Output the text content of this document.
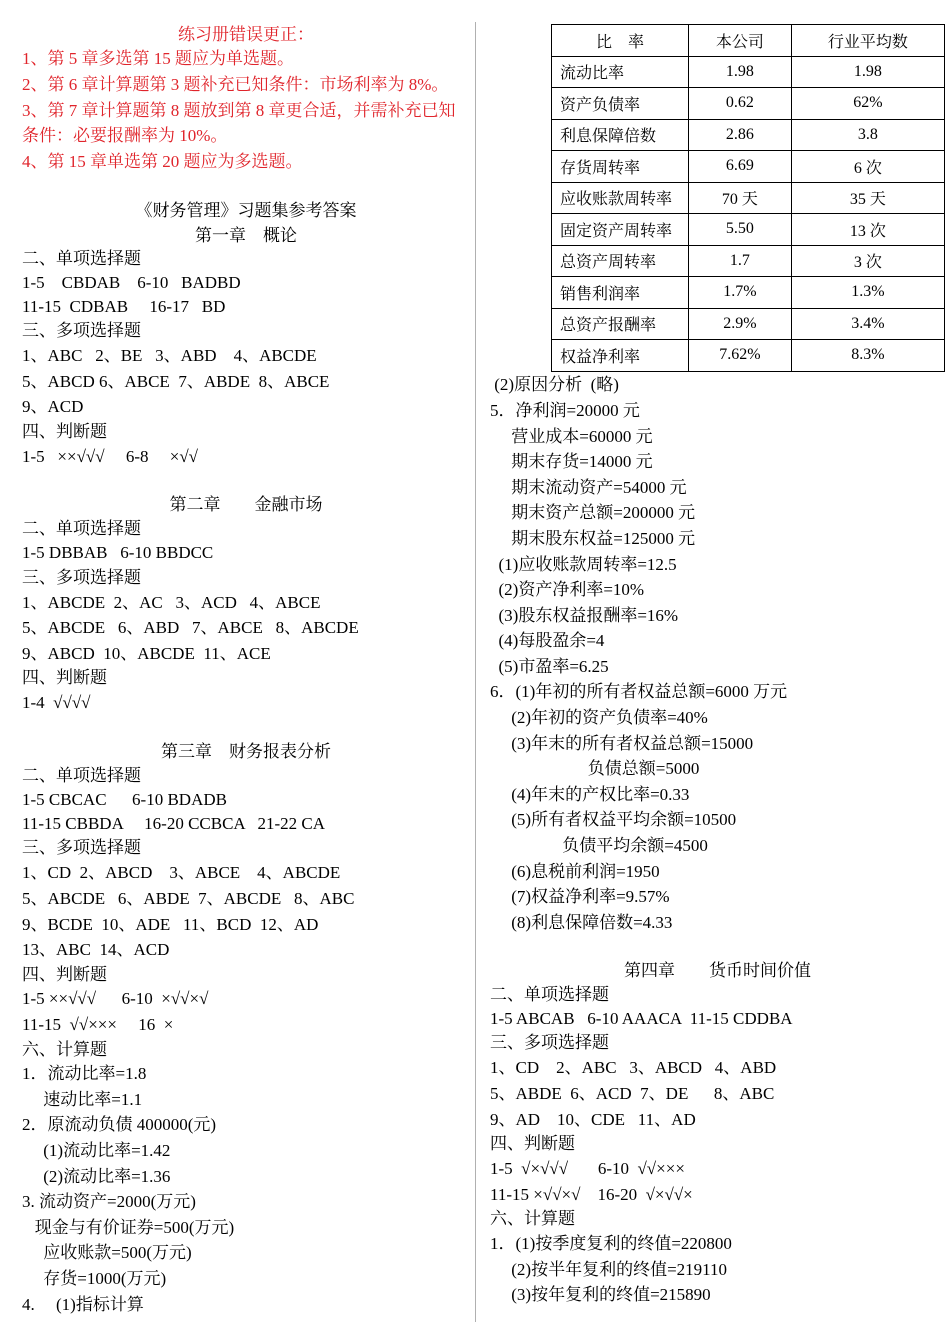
练习册错误更正：
1、第 5 章多选第 15 题应为单选题。
2、第 6 章计算题第 3 题补充已知条件：市场利率为 8%。
3、第 7 章计算题第 8 题放到第 8 章更合适，并需补充已知
条件：必要报酬率为 10%。
4、第 15 章单选第 20 题应为多选题。
《财务管理》习题集参考答案
第一章　概论
二、单项选择题
1-5    CBDAB    6-10   BADBD
11-15  CDBAB     16-17   BD
三、多项选择题
1、ABC   2、BE   3、ABD    4、ABCDE
5、ABCD 6、ABCE  7、ABDE  8、ABCE
9、ACD
四、判断题
1-5   ××√√√     6-8     ×√√
第二章　　金融市场
二、单项选择题
1-5 DBBAB   6-10 BBDCC
三、多项选择题
1、ABCDE  2、AC   3、ACD   4、ABCE
5、ABCDE   6、ABD   7、ABCE   8、ABCDE
9、ABCD  10、ABCDE  11、ACE
四、判断题
1-4  √√√√
第三章　财务报表分析
二、单项选择题
1-5 CBCAC      6-10 BDADB
11-15 CBBDA     16-20 CCBCA   21-22 CA
三、多项选择题
1、CD  2、ABCD    3、ABCE    4、ABCDE
5、ABCDE   6、ABDE  7、ABCDE   8、ABC
9、BCDE  10、ADE   11、BCD  12、AD
13、ABC  14、ACD
四、判断题
1-5 ××√√√      6-10  ×√√×√
11-15  √√×××     16  ×
六、计算题
1．流动比率=1.8
速动比率=1.1
2．原流动负债 400000(元)
(1)流动比率=1.42
(2)流动比率=1.36
3. 流动资产=2000(万元)
现金与有价证券=500(万元)
应收账款=500(万元)
存货=1000(万元)
4.     (1)指标计算
比　率	本公司	行业平均数
流动比率	1.98	1.98
资产负债率	0.62	62%
利息保障倍数	2.86	3.8
存货周转率	6.69	6 次
应收账款周转率	70 天	35 天
固定资产周转率	5.50	13 次
总资产周转率	1.7	3 次
销售利润率	1.7%	1.3%
总资产报酬率	2.9%	3.4%
权益净利率	7.62%	8.3%
(2)原因分析  (略)
5．净利润=20000 元
营业成本=60000 元
期末存货=14000 元
期末流动资产=54000 元
期末资产总额=200000 元
期末股东权益=125000 元
(1)应收账款周转率=12.5
(2)资产净利率=10%
(3)股东权益报酬率=16%
(4)每股盈余=4
(5)市盈率=6.25
6．(1)年初的所有者权益总额=6000 万元
(2)年初的资产负债率=40%
(3)年末的所有者权益总额=15000
负债总额=5000
(4)年末的产权比率=0.33
(5)所有者权益平均余额=10500
负债平均余额=4500
(6)息税前利润=1950
(7)权益净利率=9.57%
(8)利息保障倍数=4.33
第四章　　货币时间价值
二、单项选择题
1-5 ABCAB   6-10 AAACA  11-15 CDDBA
三、多项选择题
1、CD    2、ABC   3、ABCD   4、ABD
5、ABDE  6、ACD  7、DE      8、ABC
9、AD    10、CDE   11、AD
四、判断题
1-5  √×√√√       6-10  √√×××
11-15 ×√√×√    16-20  √×√√×
六、计算题
1．(1)按季度复利的终值=220800
(2)按半年复利的终值=219110
(3)按年复利的终值=215890
